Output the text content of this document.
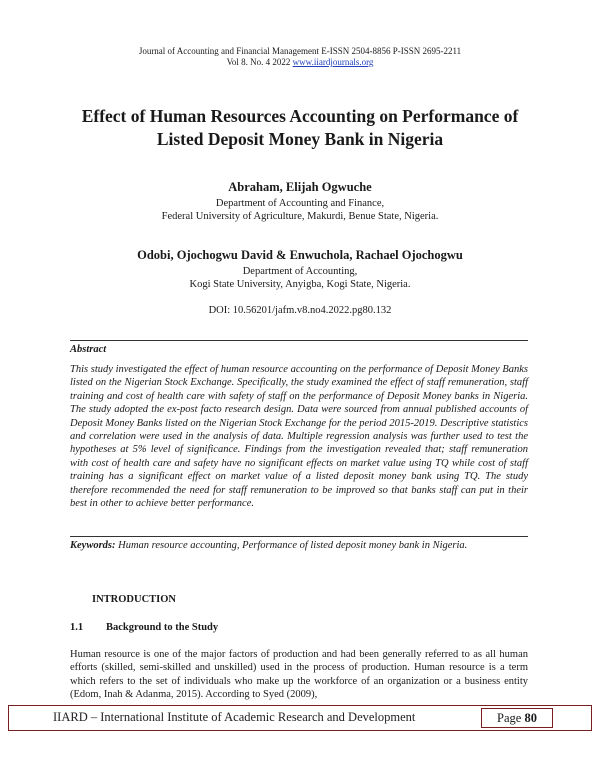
Journal of Accounting and Financial Management E-ISSN 2504-8856 P-ISSN 2695-2211
Vol 8. No. 4 2022 www.iiardjournals.org
Effect of Human Resources Accounting on Performance of
Listed Deposit Money Bank in Nigeria
Abraham, Elijah Ogwuche
Department of Accounting and Finance,
Federal University of Agriculture, Makurdi, Benue State, Nigeria.
Odobi, Ojochogwu David & Enwuchola, Rachael Ojochogwu
Department of Accounting,
Kogi State University, Anyigba, Kogi State, Nigeria.
DOI: 10.56201/jafm.v8.no4.2022.pg80.132
Abstract
This study investigated the effect of human resource accounting on the performance of Deposit Money Banks listed on the Nigerian Stock Exchange. Specifically, the study examined the effect of staff remuneration, staff training and cost of health care with safety of staff on the performance of Deposit Money banks in Nigeria. The study adopted the ex-post facto research design. Data were sourced from annual published accounts of Deposit Money Banks listed on the Nigerian Stock Exchange for the period 2015-2019. Descriptive statistics and correlation were used in the analysis of data. Multiple regression analysis was further used to test the hypotheses at 5% level of significance. Findings from the investigation revealed that; staff remuneration with cost of health care and safety have no significant effects on market value using TQ while cost of staff training has a significant effect on market value of a listed deposit money bank using TQ. The study therefore recommended the need for staff remuneration to be improved so that banks staff can put in their best in other to achieve better performance.
Keywords: Human resource accounting, Performance of listed deposit money bank in Nigeria.
INTRODUCTION
1.1 Background to the Study
Human resource is one of the major factors of production and had been generally referred to as all human efforts (skilled, semi-skilled and unskilled) used in the process of production. Human resource is a term which refers to the set of individuals who make up the workforce of an organization or a business entity (Edom, Inah & Adanma, 2015). According to Syed (2009),
IIARD – International Institute of Academic Research and Development	Page 80
